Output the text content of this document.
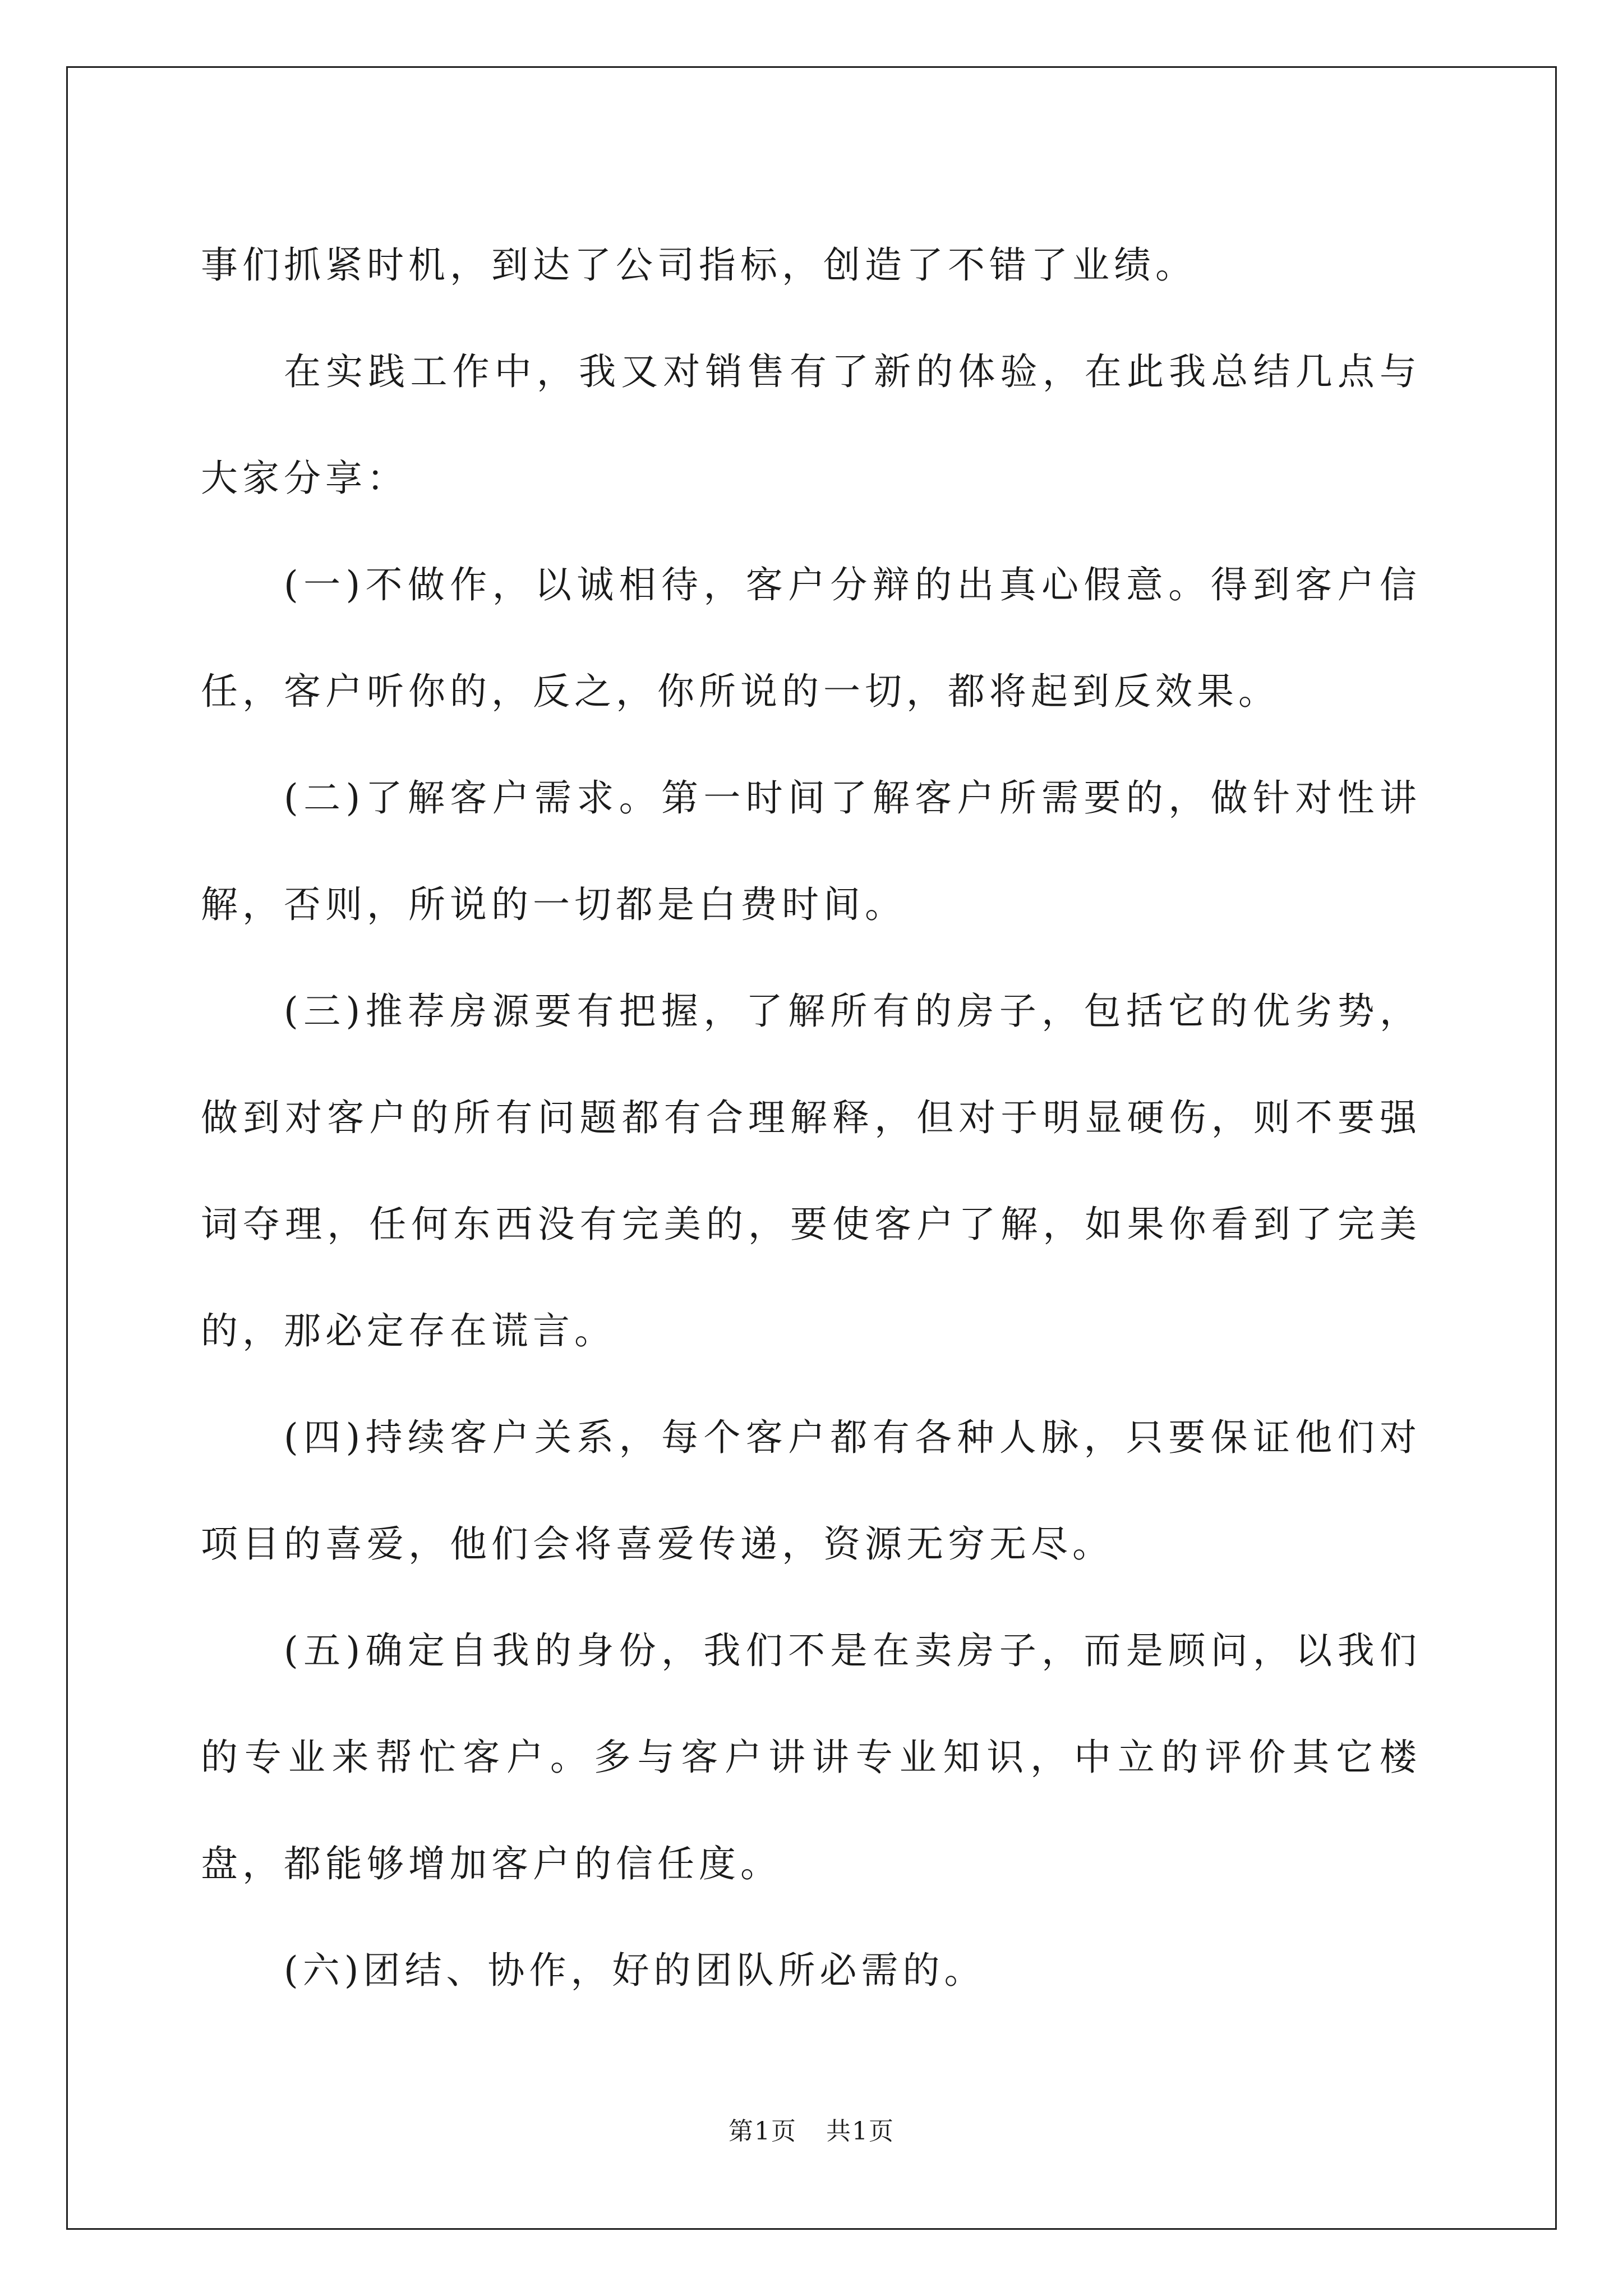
事们抓紧时机，到达了公司指标，创造了不错了业绩。

在实践工作中，我又对销售有了新的体验，在此我总结几点与大家分享：

(一)不做作，以诚相待，客户分辩的出真心假意。得到客户信任，客户听你的，反之，你所说的一切，都将起到反效果。

(二)了解客户需求。第一时间了解客户所需要的，做针对性讲解，否则，所说的一切都是白费时间。

(三)推荐房源要有把握，了解所有的房子，包括它的优劣势，做到对客户的所有问题都有合理解释，但对于明显硬伤，则不要强词夺理，任何东西没有完美的，要使客户了解，如果你看到了完美的，那必定存在谎言。

(四)持续客户关系，每个客户都有各种人脉，只要保证他们对项目的喜爱，他们会将喜爱传递，资源无穷无尽。

(五)确定自我的身份，我们不是在卖房子，而是顾问，以我们的专业来帮忙客户。多与客户讲讲专业知识，中立的评价其它楼盘，都能够增加客户的信任度。

(六)团结、协作，好的团队所必需的。

第1页 共1页
